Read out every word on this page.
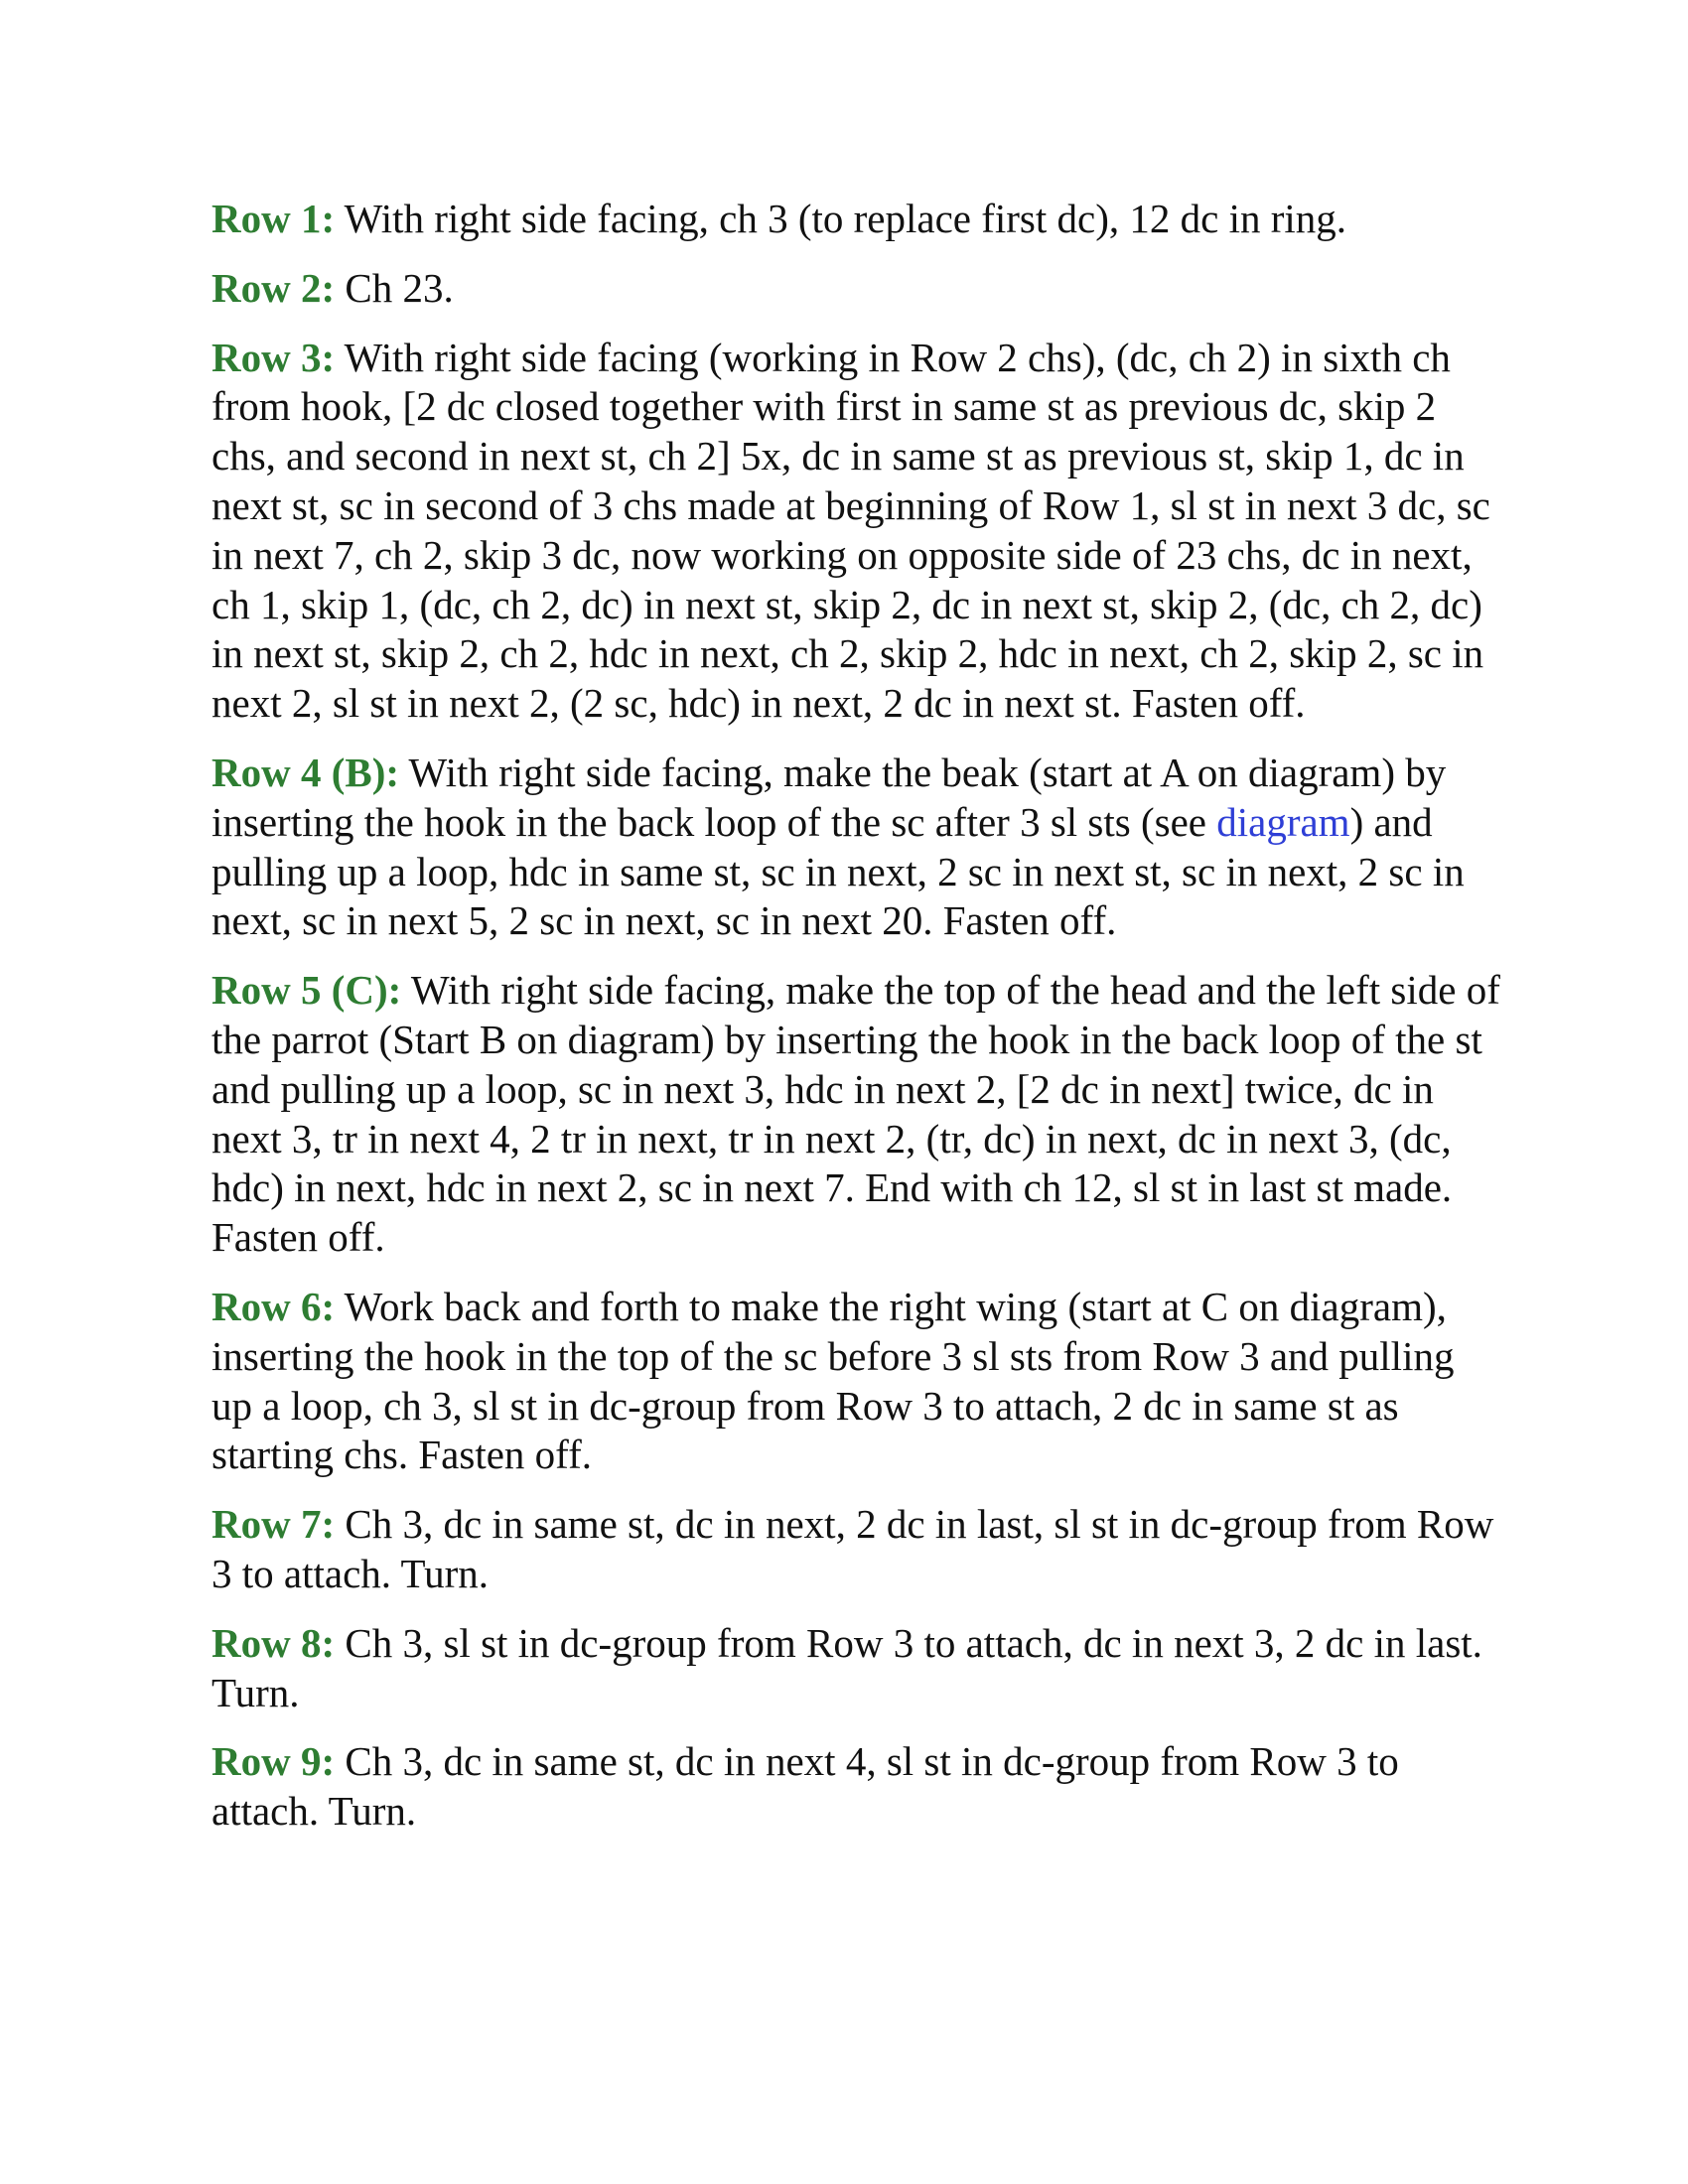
Row 1: With right side facing, ch 3 (to replace first dc), 12 dc in ring.

Row 2: Ch 23.

Row 3: With right side facing (working in Row 2 chs), (dc, ch 2) in sixth ch from hook, [2 dc closed together with first in same st as previous dc, skip 2 chs, and second in next st, ch 2] 5x, dc in same st as previous st, skip 1, dc in next st, sc in second of 3 chs made at beginning of Row 1, sl st in next 3 dc, sc in next 7, ch 2, skip 3 dc, now working on opposite side of 23 chs, dc in next, ch 1, skip 1, (dc, ch 2, dc) in next st, skip 2, dc in next st, skip 2, (dc, ch 2, dc) in next st, skip 2, ch 2, hdc in next, ch 2, skip 2, hdc in next, ch 2, skip 2, sc in next 2, sl st in next 2, (2 sc, hdc) in next, 2 dc in next st. Fasten off.

Row 4 (B): With right side facing, make the beak (start at A on diagram) by inserting the hook in the back loop of the sc after 3 sl sts (see diagram) and pulling up a loop, hdc in same st, sc in next, 2 sc in next st, sc in next, 2 sc in next, sc in next 5, 2 sc in next, sc in next 20. Fasten off.

Row 5 (C): With right side facing, make the top of the head and the left side of the parrot (Start B on diagram) by inserting the hook in the back loop of the st and pulling up a loop, sc in next 3, hdc in next 2, [2 dc in next] twice, dc in next 3, tr in next 4, 2 tr in next, tr in next 2, (tr, dc) in next, dc in next 3, (dc, hdc) in next, hdc in next 2, sc in next 7. End with ch 12, sl st in last st made. Fasten off.

Row 6: Work back and forth to make the right wing (start at C on diagram), inserting the hook in the top of the sc before 3 sl sts from Row 3 and pulling up a loop, ch 3, sl st in dc-group from Row 3 to attach, 2 dc in same st as starting chs. Fasten off.

Row 7: Ch 3, dc in same st, dc in next, 2 dc in last, sl st in dc-group from Row 3 to attach. Turn.

Row 8: Ch 3, sl st in dc-group from Row 3 to attach, dc in next 3, 2 dc in last. Turn.

Row 9: Ch 3, dc in same st, dc in next 4, sl st in dc-group from Row 3 to attach. Turn.
